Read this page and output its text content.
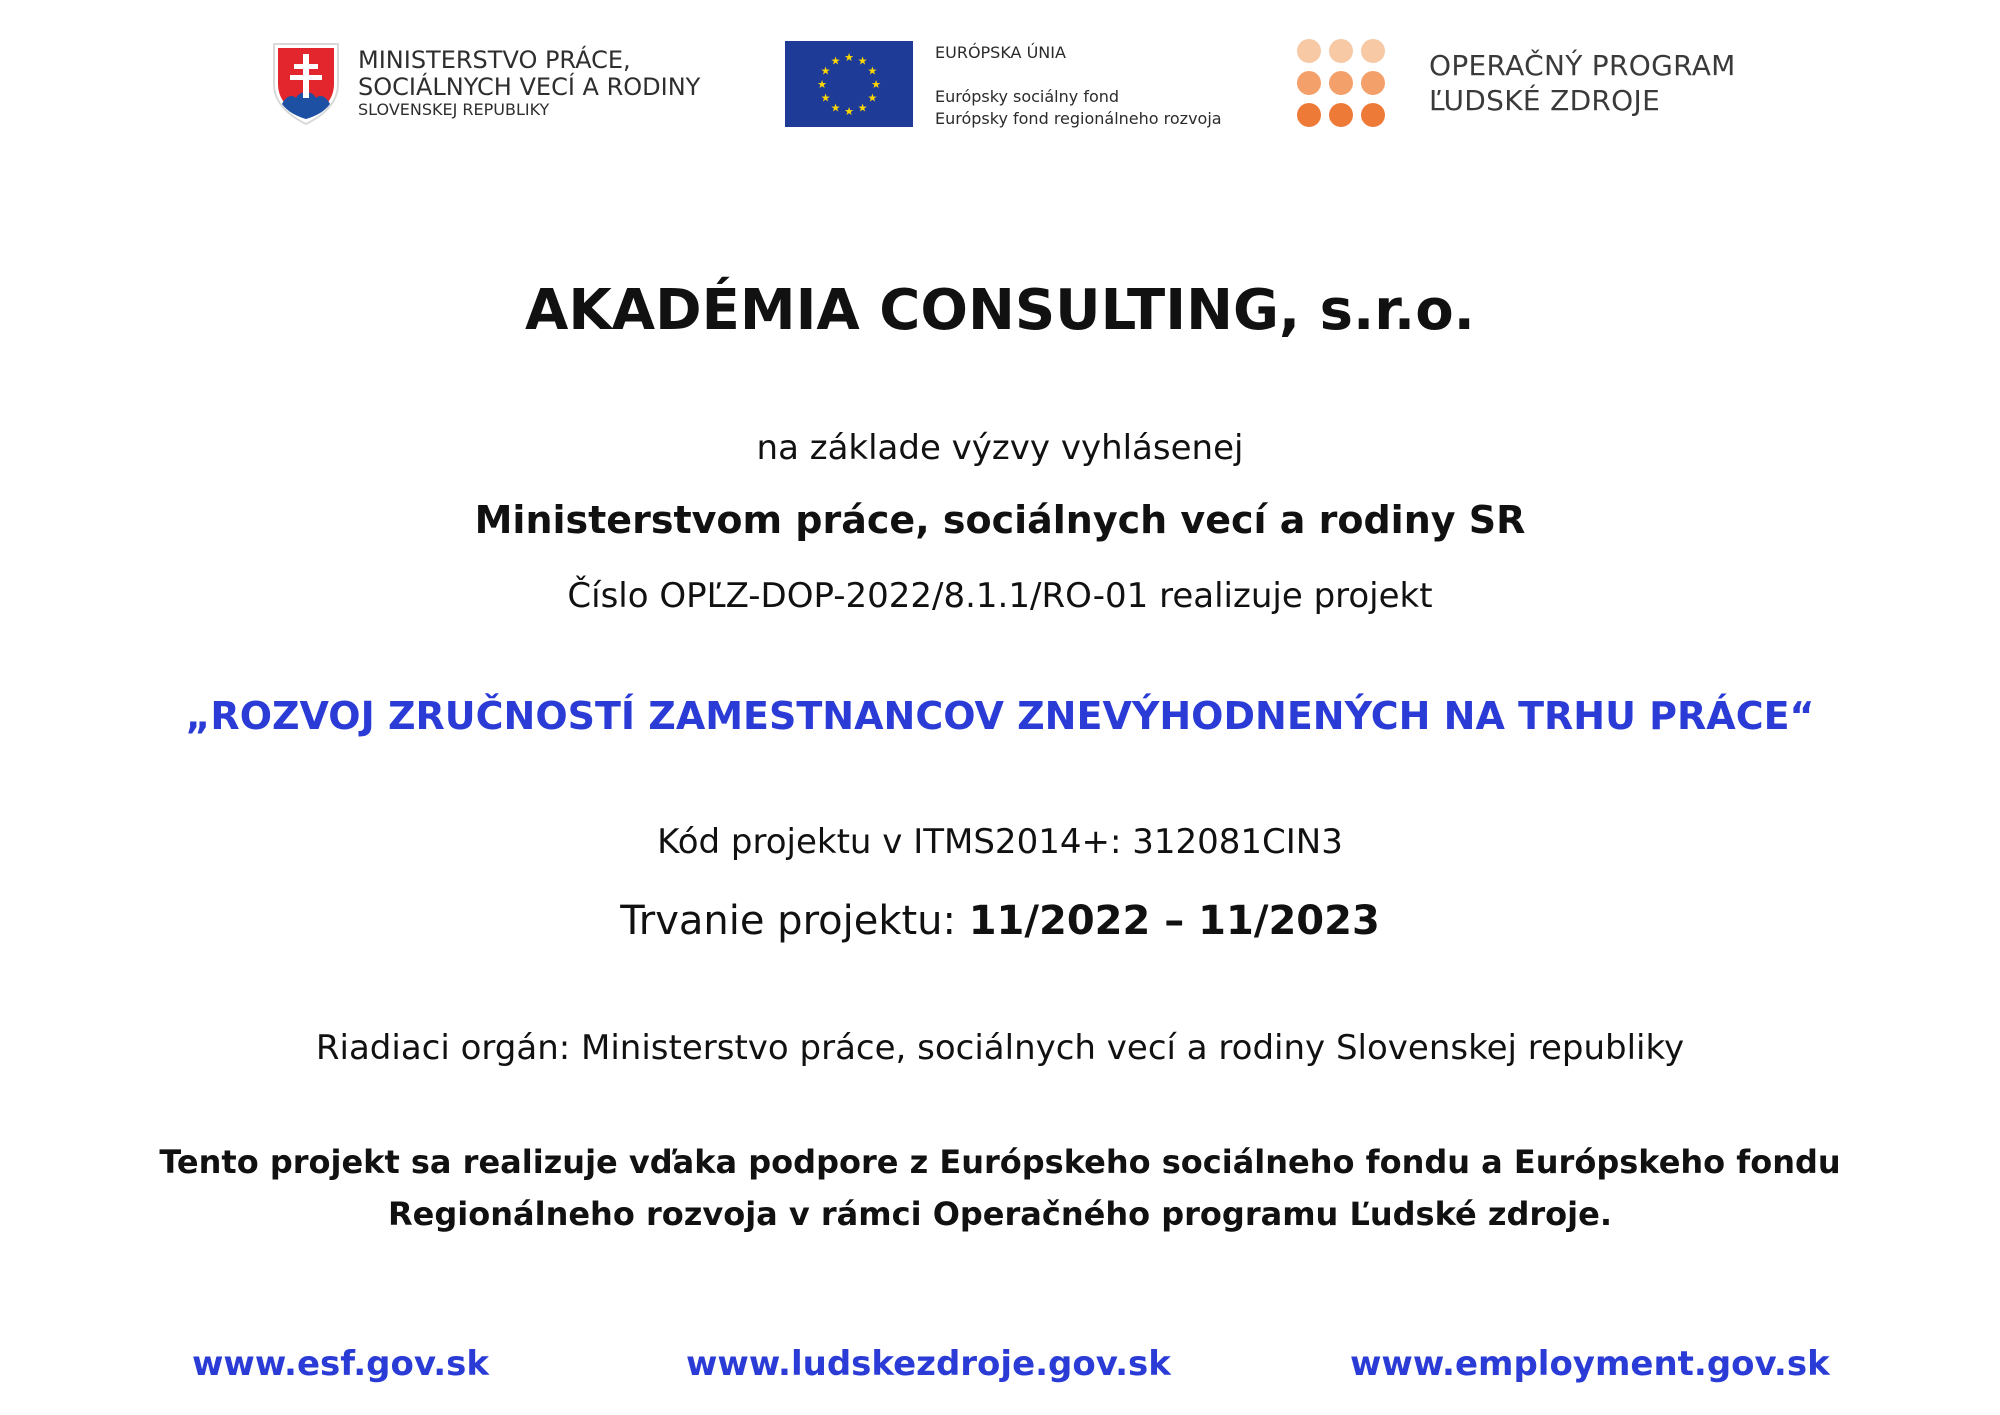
MINISTERSTVO PRÁCE,
SOCIÁLNYCH VECÍ A RODINY
SLOVENSKEJ REPUBLIKY
★ ★
★
★
★
★
★
★
★
★
★
★	EURÓPSKA ÚNIA
Európsky sociálny fond
Európsky fond regionálneho rozvoja
OPERAČNÝ PROGRAM
ĽUDSKÉ ZDROJE
AKADÉMIA CONSULTING, s.r.o.
na základe výzvy vyhlásenej
Ministerstvom práce, sociálnych vecí a rodiny SR
Číslo OPĽZ-DOP-2022/8.1.1/RO-01 realizuje projekt
„ROZVOJ ZRUČNOSTÍ ZAMESTNANCOV ZNEVÝHODNENÝCH NA TRHU PRÁCE“
Kód projektu v ITMS2014+: 312081CIN3
Trvanie projektu: 11/2022 – 11/2023
Riadiaci orgán: Ministerstvo práce, sociálnych vecí a rodiny Slovenskej republiky
Tento projekt sa realizuje vďaka podpore z Európskeho sociálneho fondu a Európskeho fondu
Regionálneho rozvoja v rámci Operačného programu Ľudské zdroje.
www.esf.gov.sk	www.ludskezdroje.gov.sk	www.employment.gov.sk
